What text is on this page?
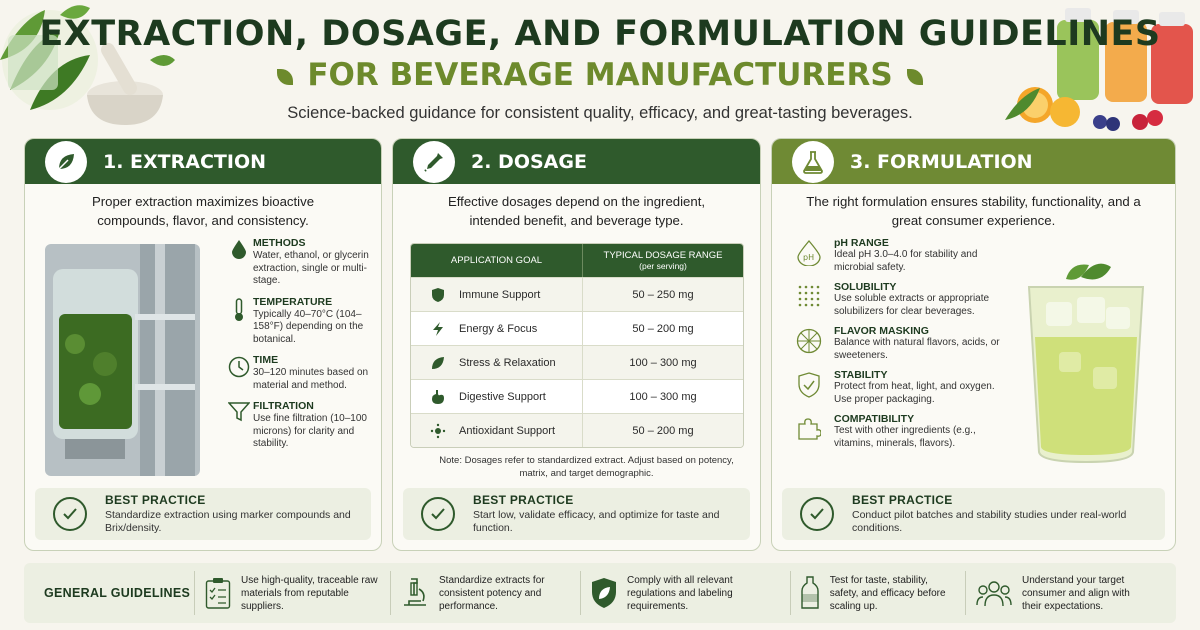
EXTRACTION, DOSAGE, AND FORMULATION GUIDELINES
FOR BEVERAGE MANUFACTURERS
Science-backed guidance for consistent quality, efficacy, and great-tasting beverages.
1. EXTRACTION
Proper extraction maximizes bioactive compounds, flavor, and consistency.
METHODS
Water, ethanol, or glycerin extraction, single or multi-stage.
TEMPERATURE
Typically 40–70°C (104–158°F) depending on the botanical.
TIME
30–120 minutes based on material and method.
FILTRATION
Use fine filtration (10–100 microns) for clarity and stability.
BEST PRACTICE
Standardize extraction using marker compounds and Brix/density.
2. DOSAGE
Effective dosages depend on the ingredient, intended benefit, and beverage type.
APPLICATION GOAL	TYPICAL DOSAGE RANGE
(per serving)
Immune Support	50 – 250 mg
Energy & Focus	50 – 200 mg
Stress & Relaxation	100 – 300 mg
Digestive Support	100 – 300 mg
Antioxidant Support	50 – 200 mg
Note: Dosages refer to standardized extract. Adjust based on potency, matrix, and target demographic.
BEST PRACTICE
Start low, validate efficacy, and optimize for taste and function.
3. FORMULATION
The right formulation ensures stability, functionality, and a great consumer experience.
pH
pH RANGE
Ideal pH 3.0–4.0 for stability and microbial safety.
SOLUBILITY
Use soluble extracts or appropriate solubilizers for clear beverages.
FLAVOR MASKING
Balance with natural flavors, acids, or sweeteners.
STABILITY
Protect from heat, light, and oxygen. Use proper packaging.
COMPATIBILITY
Test with other ingredients (e.g., vitamins, minerals, flavors).
BEST PRACTICE
Conduct pilot batches and stability studies under real-world conditions.
GENERAL GUIDELINES
Use high-quality, traceable raw materials from reputable suppliers.
Standardize extracts for consistent potency and performance.
Comply with all relevant regulations and labeling requirements.
Test for taste, stability, safety, and efficacy before scaling up.
Understand your target consumer and align with their expectations.
